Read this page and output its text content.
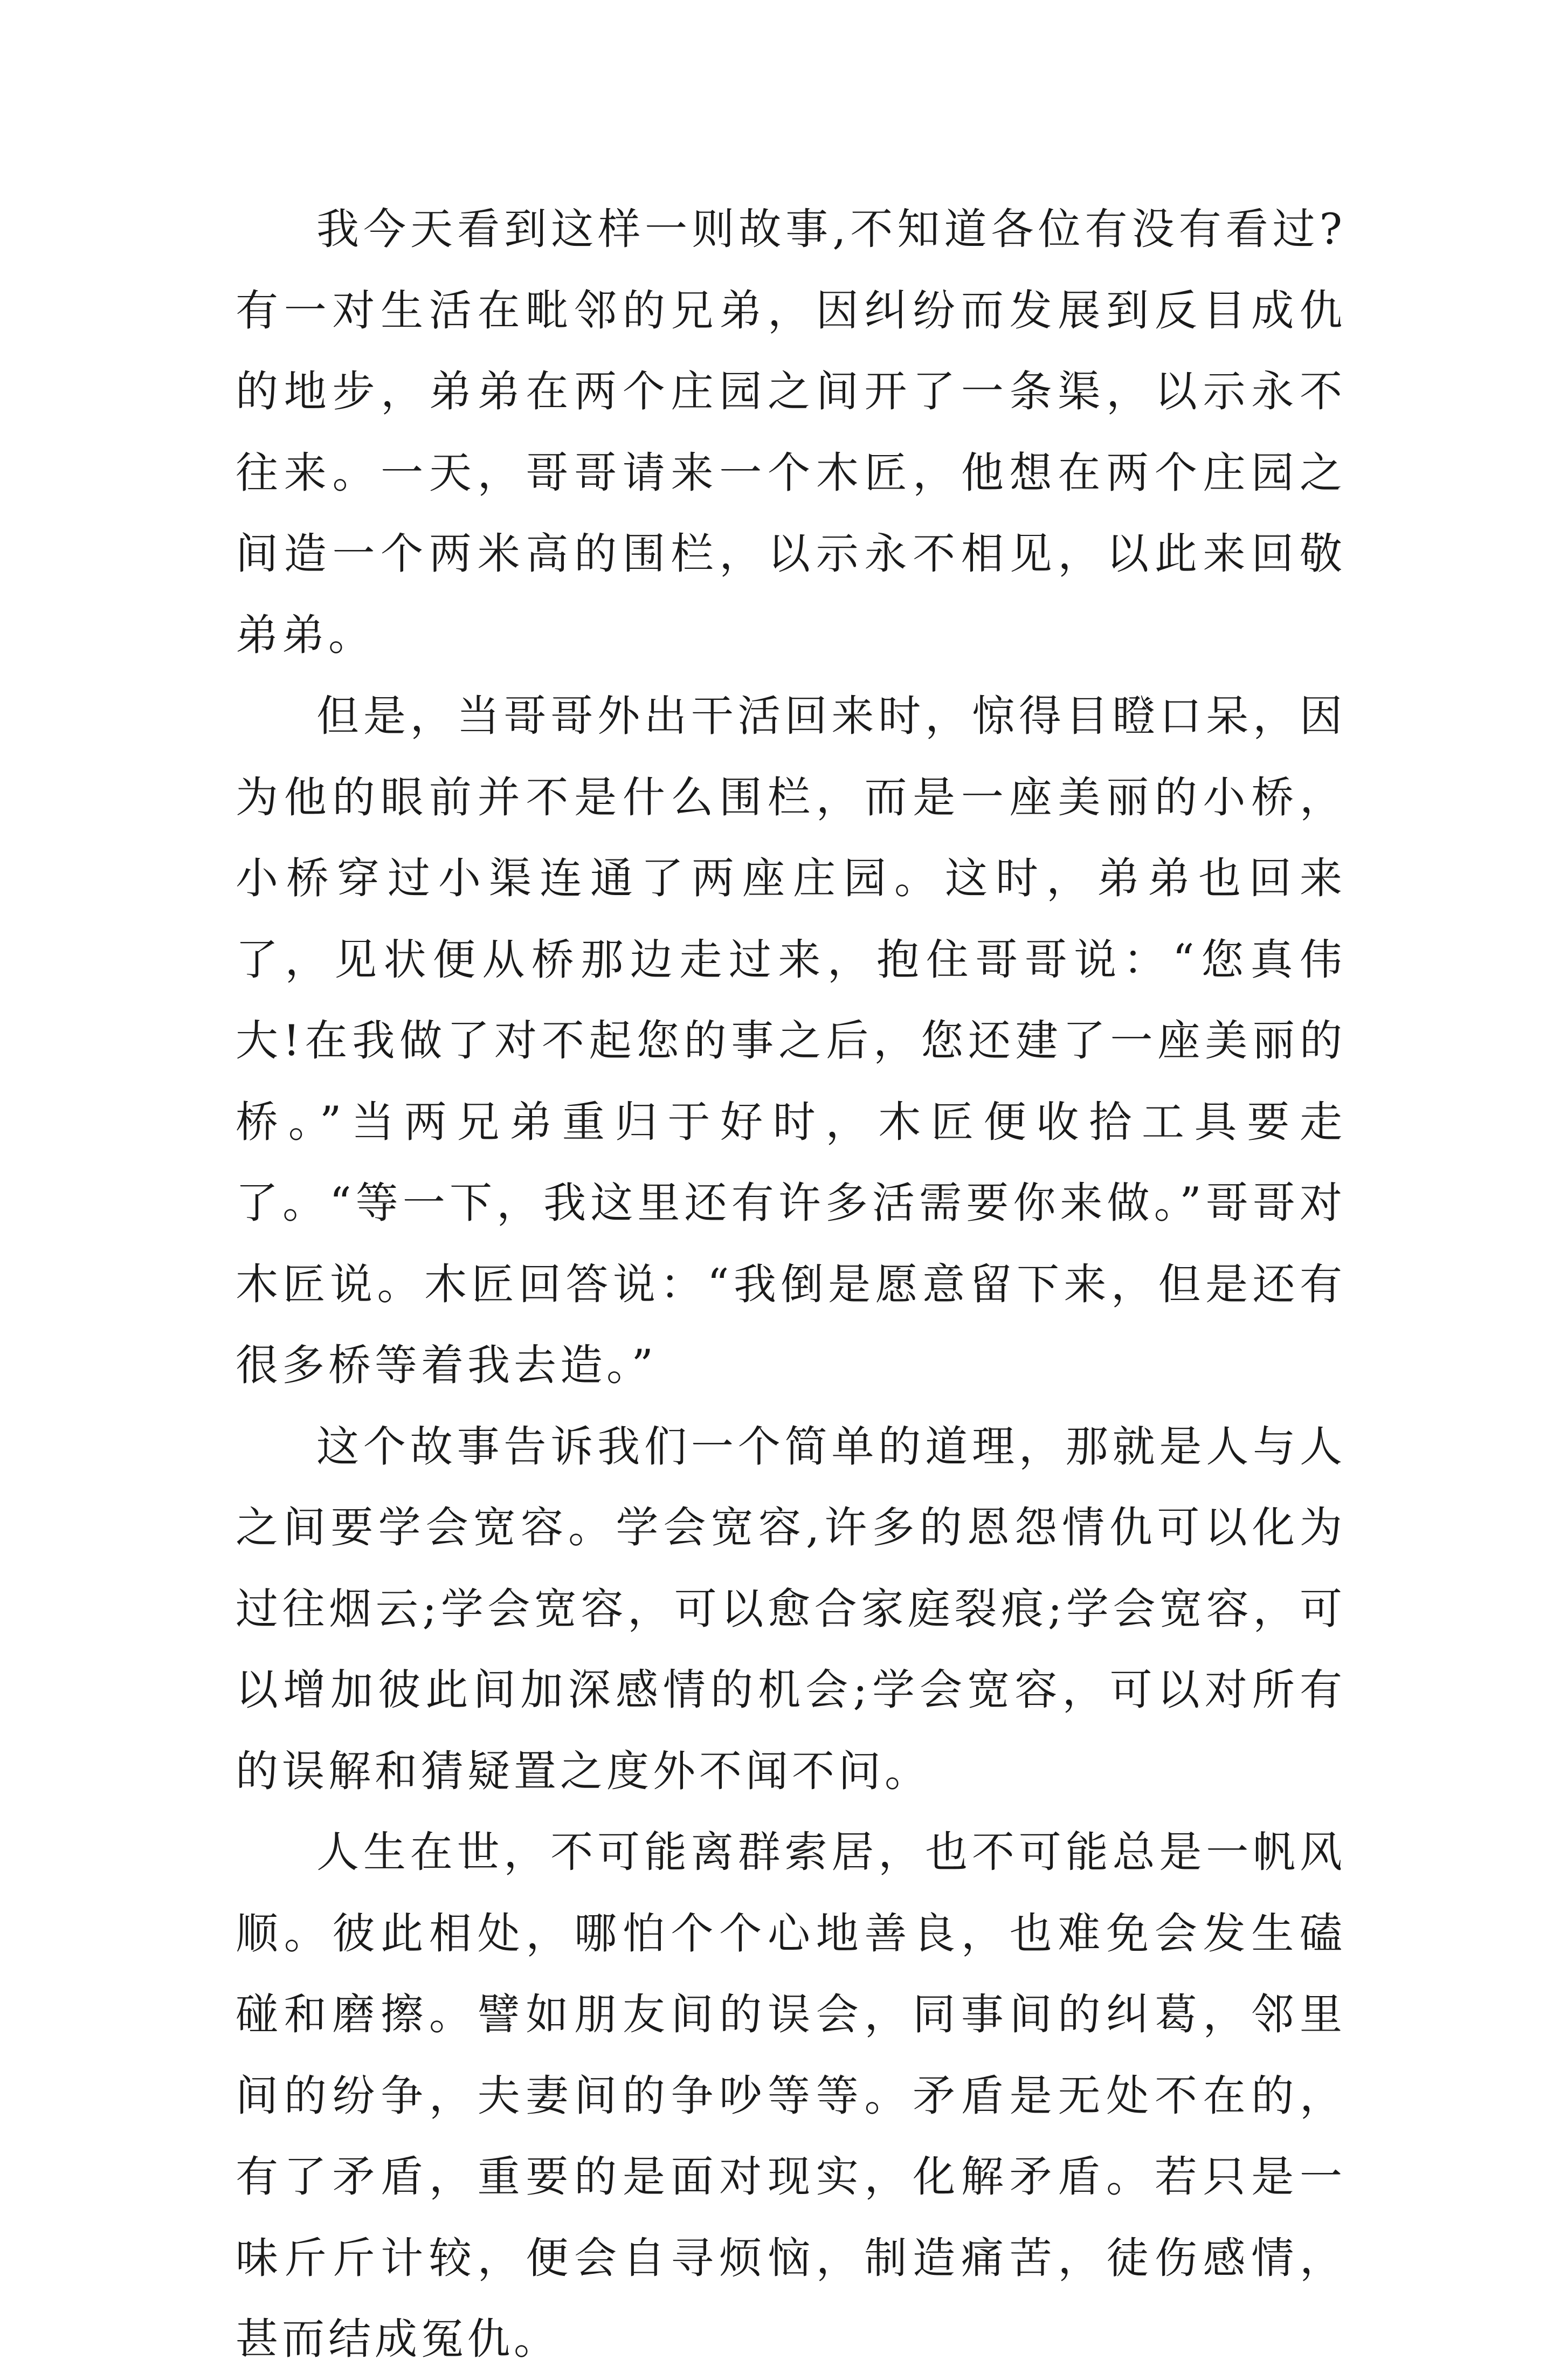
我今天看到这样一则故事,不知道各位有没有看过?有一对生活在毗邻的兄弟，因纠纷而发展到反目成仇的地步，弟弟在两个庄园之间开了一条渠，以示永不往来。一天，哥哥请来一个木匠，他想在两个庄园之间造一个两米高的围栏，以示永不相见，以此来回敬弟弟。

但是，当哥哥外出干活回来时，惊得目瞪口呆，因为他的眼前并不是什么围栏，而是一座美丽的小桥，小桥穿过小渠连通了两座庄园。这时，弟弟也回来了，见状便从桥那边走过来，抱住哥哥说：“您真伟大!在我做了对不起您的事之后，您还建了一座美丽的桥。”当两兄弟重归于好时，木匠便收拾工具要走了。“等一下，我这里还有许多活需要你来做。”哥哥对木匠说。木匠回答说：“我倒是愿意留下来，但是还有很多桥等着我去造。”

这个故事告诉我们一个简单的道理，那就是人与人之间要学会宽容。学会宽容,许多的恩怨情仇可以化为过往烟云;学会宽容，可以愈合家庭裂痕;学会宽容，可以增加彼此间加深感情的机会;学会宽容，可以对所有的误解和猜疑置之度外不闻不问。

人生在世，不可能离群索居，也不可能总是一帆风顺。彼此相处，哪怕个个心地善良，也难免会发生磕碰和磨擦。譬如朋友间的误会，同事间的纠葛，邻里间的纷争，夫妻间的争吵等等。矛盾是无处不在的，有了矛盾，重要的是面对现实，化解矛盾。若只是一味斤斤计较，便会自寻烦恼，制造痛苦，徒伤感情，甚而结成冤仇。
